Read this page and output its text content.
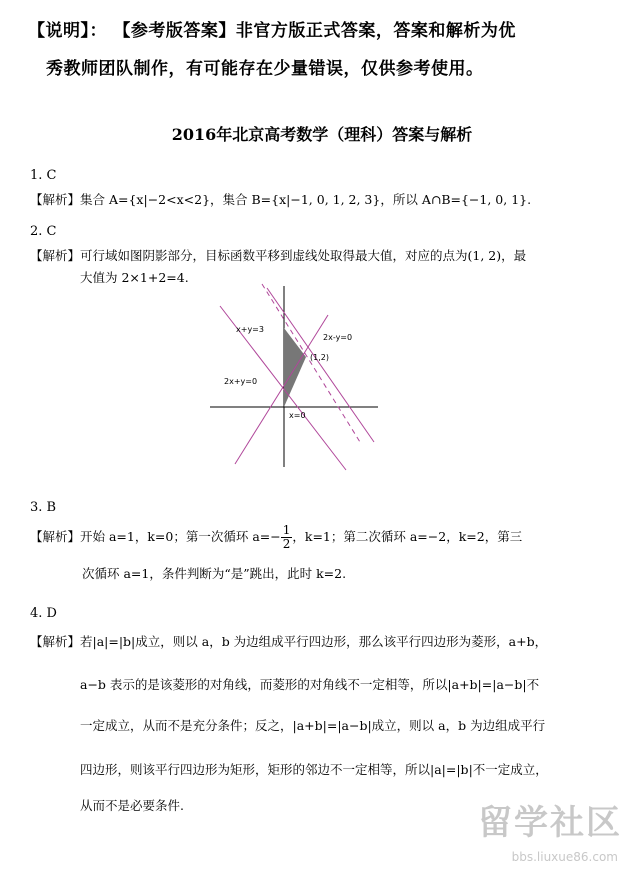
【说明】： 【参考版答案】非官方版正式答案，答案和解析为优
秀教师团队制作，有可能存在少量错误，仅供参考使用。
2016年北京高考数学（理科）答案与解析
1. C
【解析】集合 A={x|−2<x<2}，集合 B={x|−1, 0, 1, 2, 3}，所以 A∩B={−1, 0, 1}.
2. C
【解析】可行域如图阴影部分，目标函数平移到虚线处取得最大值，对应的点为(1, 2)，最
大值为 2×1+2=4.
x+y=3
2x-y=0
2x+y=0
(1,2)
x=0
3. B
【解析】开始 a=1，k=0；第一次循环 $a=- \frac{1}{2}$ ，k=1；第二次循环 a=−2，k=2，第三
次循环 a=1，条件判断为“是”跳出，此时 k=2.
4. D
【解析】若|a|=|b|成立，则以 a，b 为边组成平行四边形，那么该平行四边形为菱形，a+b，
a−b 表示的是该菱形的对角线，而菱形的对角线不一定相等，所以|a+b|=|a−b|不
一定成立，从而不是充分条件；反之，|a+b|=|a−b|成立，则以 a，b 为边组成平行
四边形，则该平行四边形为矩形，矩形的邻边不一定相等，所以|a|=|b|不一定成立，
从而不是必要条件.	留学社区
bbs.liuxue86.com
